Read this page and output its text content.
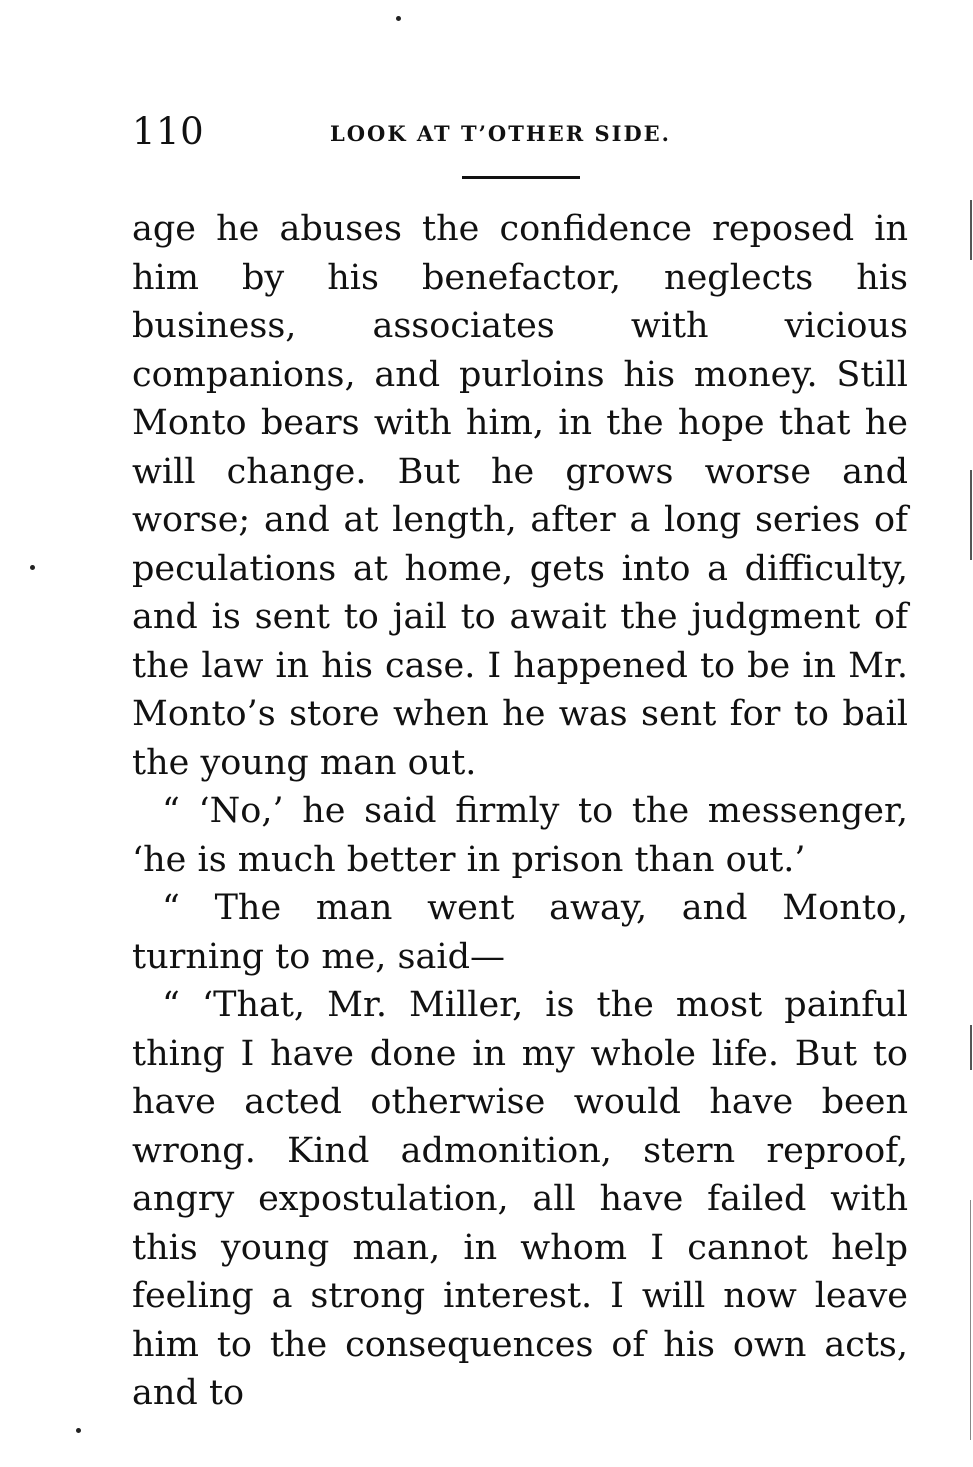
110	LOOK AT T’OTHER SIDE.

age he abuses the confidence reposed in him by his benefactor, neglects his business, associates with vicious companions, and purloins his money. Still Monto bears with him, in the hope that he will change. But he grows worse and worse; and at length, after a long series of peculations at home, gets into a difficulty, and is sent to jail to await the judgment of the law in his case. I happened to be in Mr. Monto’s store when he was sent for to bail the young man out.

“ ‘No,’ he said firmly to the messenger, ‘he is much better in prison than out.’

“ The man went away, and Monto, turning to me, said—

“ ‘That, Mr. Miller, is the most painful thing I have done in my whole life. But to have acted otherwise would have been wrong. Kind admonition, stern reproof, angry expostulation, all have failed with this young man, in whom I cannot help feeling a strong interest. I will now leave him to the consequences of his own acts, and to
